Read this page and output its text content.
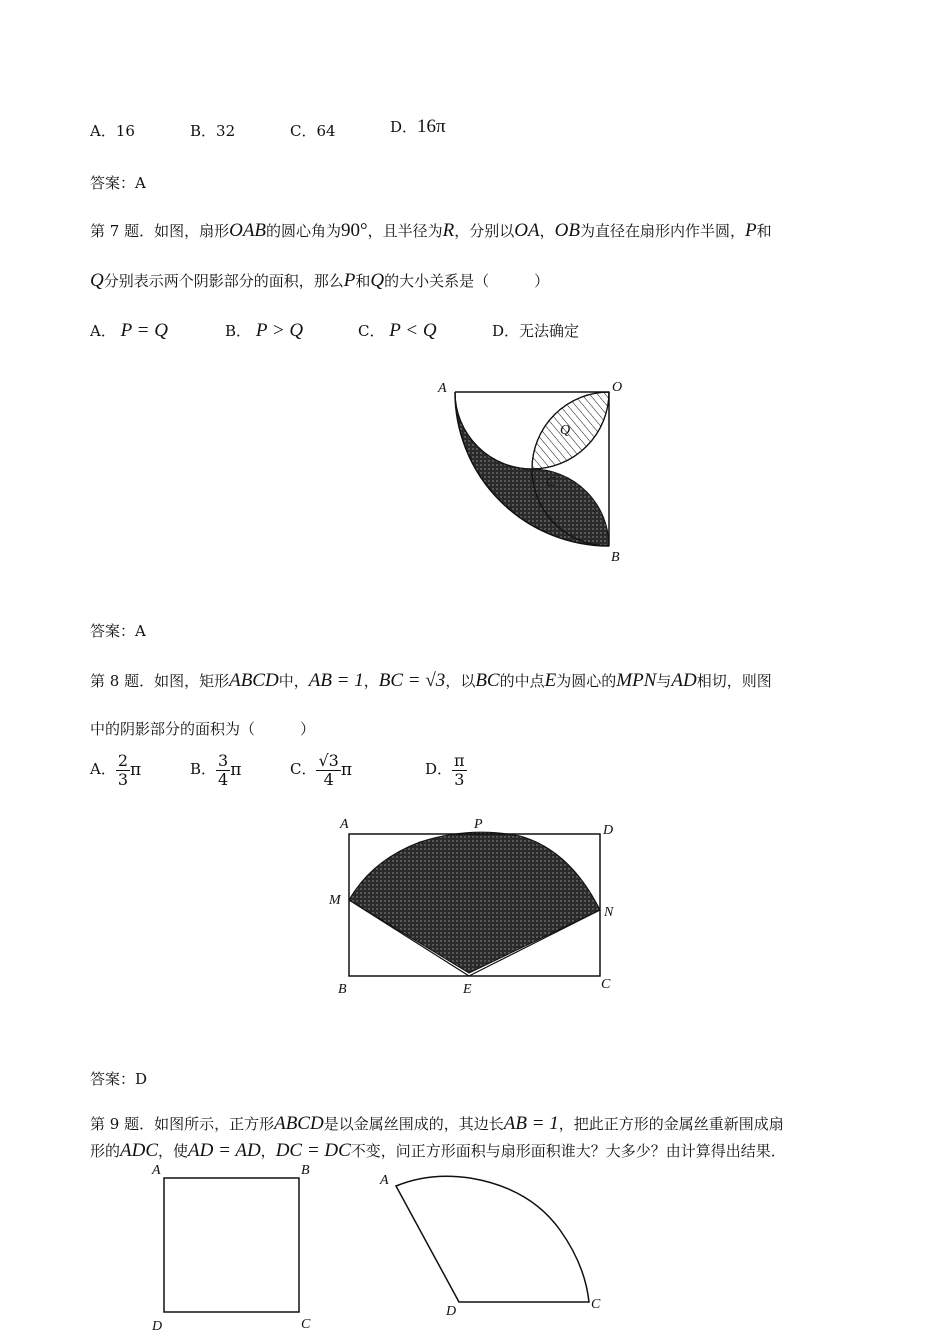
A．16	B．32	C．64	D．16π
答案：A
第 7 题．如图，扇形OAB的圆心角为90°，且半径为R，分别以OA，OB为直径在扇形内作半圆，P和
Q分别表示两个阴影部分的面积，那么P和Q的大小关系是（　　　）
A． P = Q	B． P > Q	C． P < Q	D．无法确定
A	O
B
C
Q
A	P	D
M
N
B	E	C
A	B
D	C
A
D	C
答案：A
第 8 题．如图，矩形ABCD中，AB = 1，BC = √3，以BC的中点E为圆心的MPN与AD相切，则图
中的阴影部分的面积为（　　　）
A． $\frac{2}{3}$ π	B． $\frac{3}{4}$ π	C． $\frac{√3}{4}$ π	D． $\frac{\pi}{3}$
答案：D
第 9 题．如图所示，正方形ABCD是以金属丝围成的，其边长AB = 1，把此正方形的金属丝重新围成扇
形的ADC，使AD = AD，DC = DC不变，问正方形面积与扇形面积谁大？大多少？由计算得出结果．
